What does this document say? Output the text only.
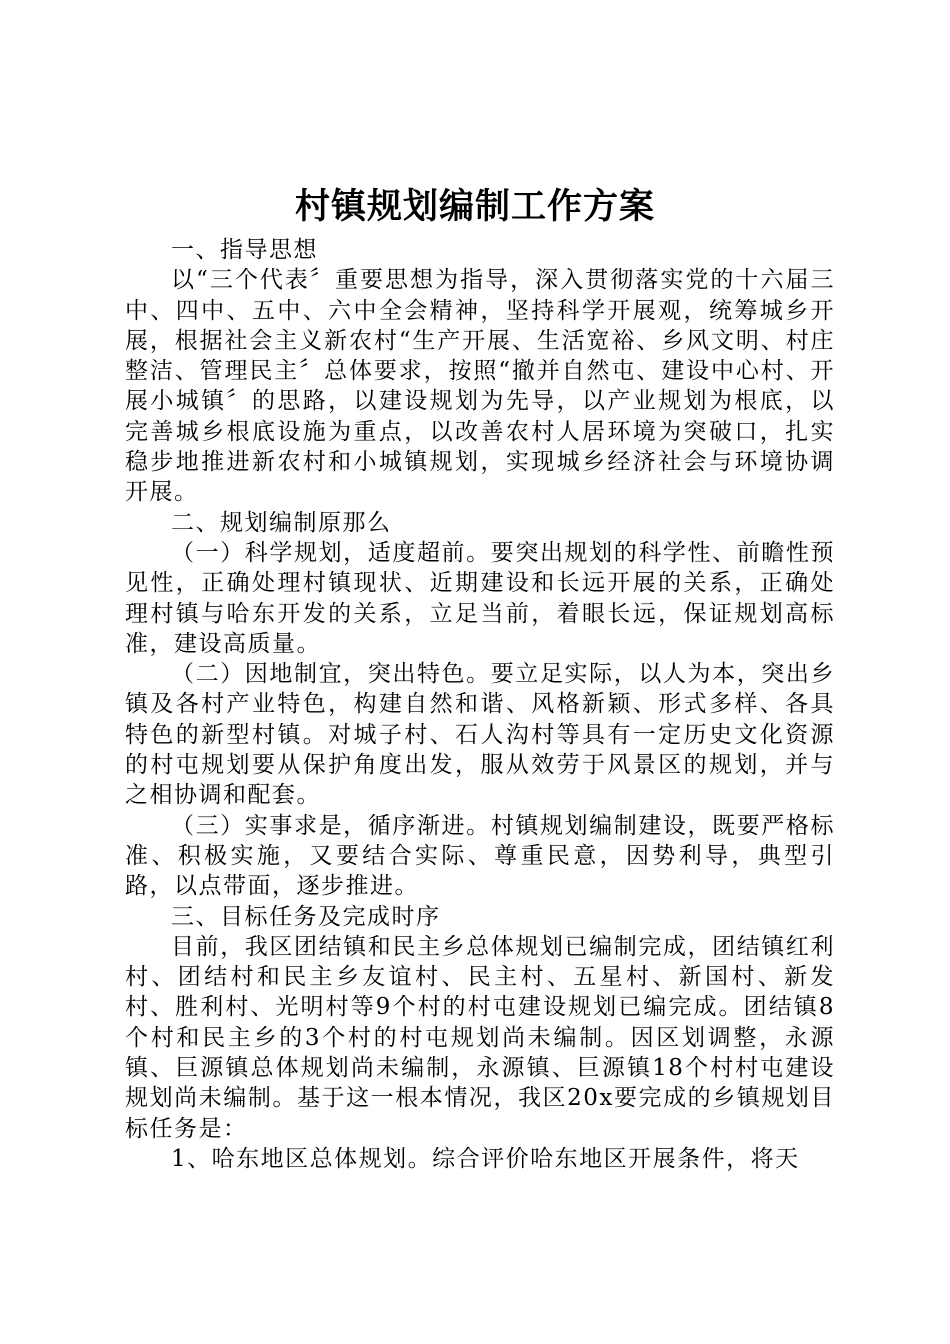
村镇规划编制工作方案

一、指导思想

以“三个代表〞重要思想为指导，深入贯彻落实党的十六届三中、四中、五中、六中全会精神，坚持科学开展观，统筹城乡开展，根据社会主义新农村“生产开展、生活宽裕、乡风文明、村庄整洁、管理民主〞总体要求，按照“撤并自然屯、建设中心村、开展小城镇〞的思路，以建设规划为先导，以产业规划为根底，以完善城乡根底设施为重点，以改善农村人居环境为突破口，扎实稳步地推进新农村和小城镇规划，实现城乡经济社会与环境协调开展。

二、规划编制原那么

（一）科学规划，适度超前。要突出规划的科学性、前瞻性预见性，正确处理村镇现状、近期建设和长远开展的关系，正确处理村镇与哈东开发的关系，立足当前，着眼长远，保证规划高标准，建设高质量。

（二）因地制宜，突出特色。要立足实际，以人为本，突出乡镇及各村产业特色，构建自然和谐、风格新颖、形式多样、各具特色的新型村镇。对城子村、石人沟村等具有一定历史文化资源的村屯规划要从保护角度出发，服从效劳于风景区的规划，并与之相协调和配套。

（三）实事求是，循序渐进。村镇规划编制建设，既要严格标准、积极实施，又要结合实际、尊重民意，因势利导，典型引路，以点带面，逐步推进。

三、目标任务及完成时序

目前，我区团结镇和民主乡总体规划已编制完成，团结镇红利村、团结村和民主乡友谊村、民主村、五星村、新国村、新发村、胜利村、光明村等9个村的村屯建设规划已编完成。团结镇8个村和民主乡的3个村的村屯规划尚未编制。因区划调整，永源镇、巨源镇总体规划尚未编制，永源镇、巨源镇18个村村屯建设规划尚未编制。基于这一根本情况，我区20x要完成的乡镇规划目标任务是：

1、哈东地区总体规划。综合评价哈东地区开展条件，将天
